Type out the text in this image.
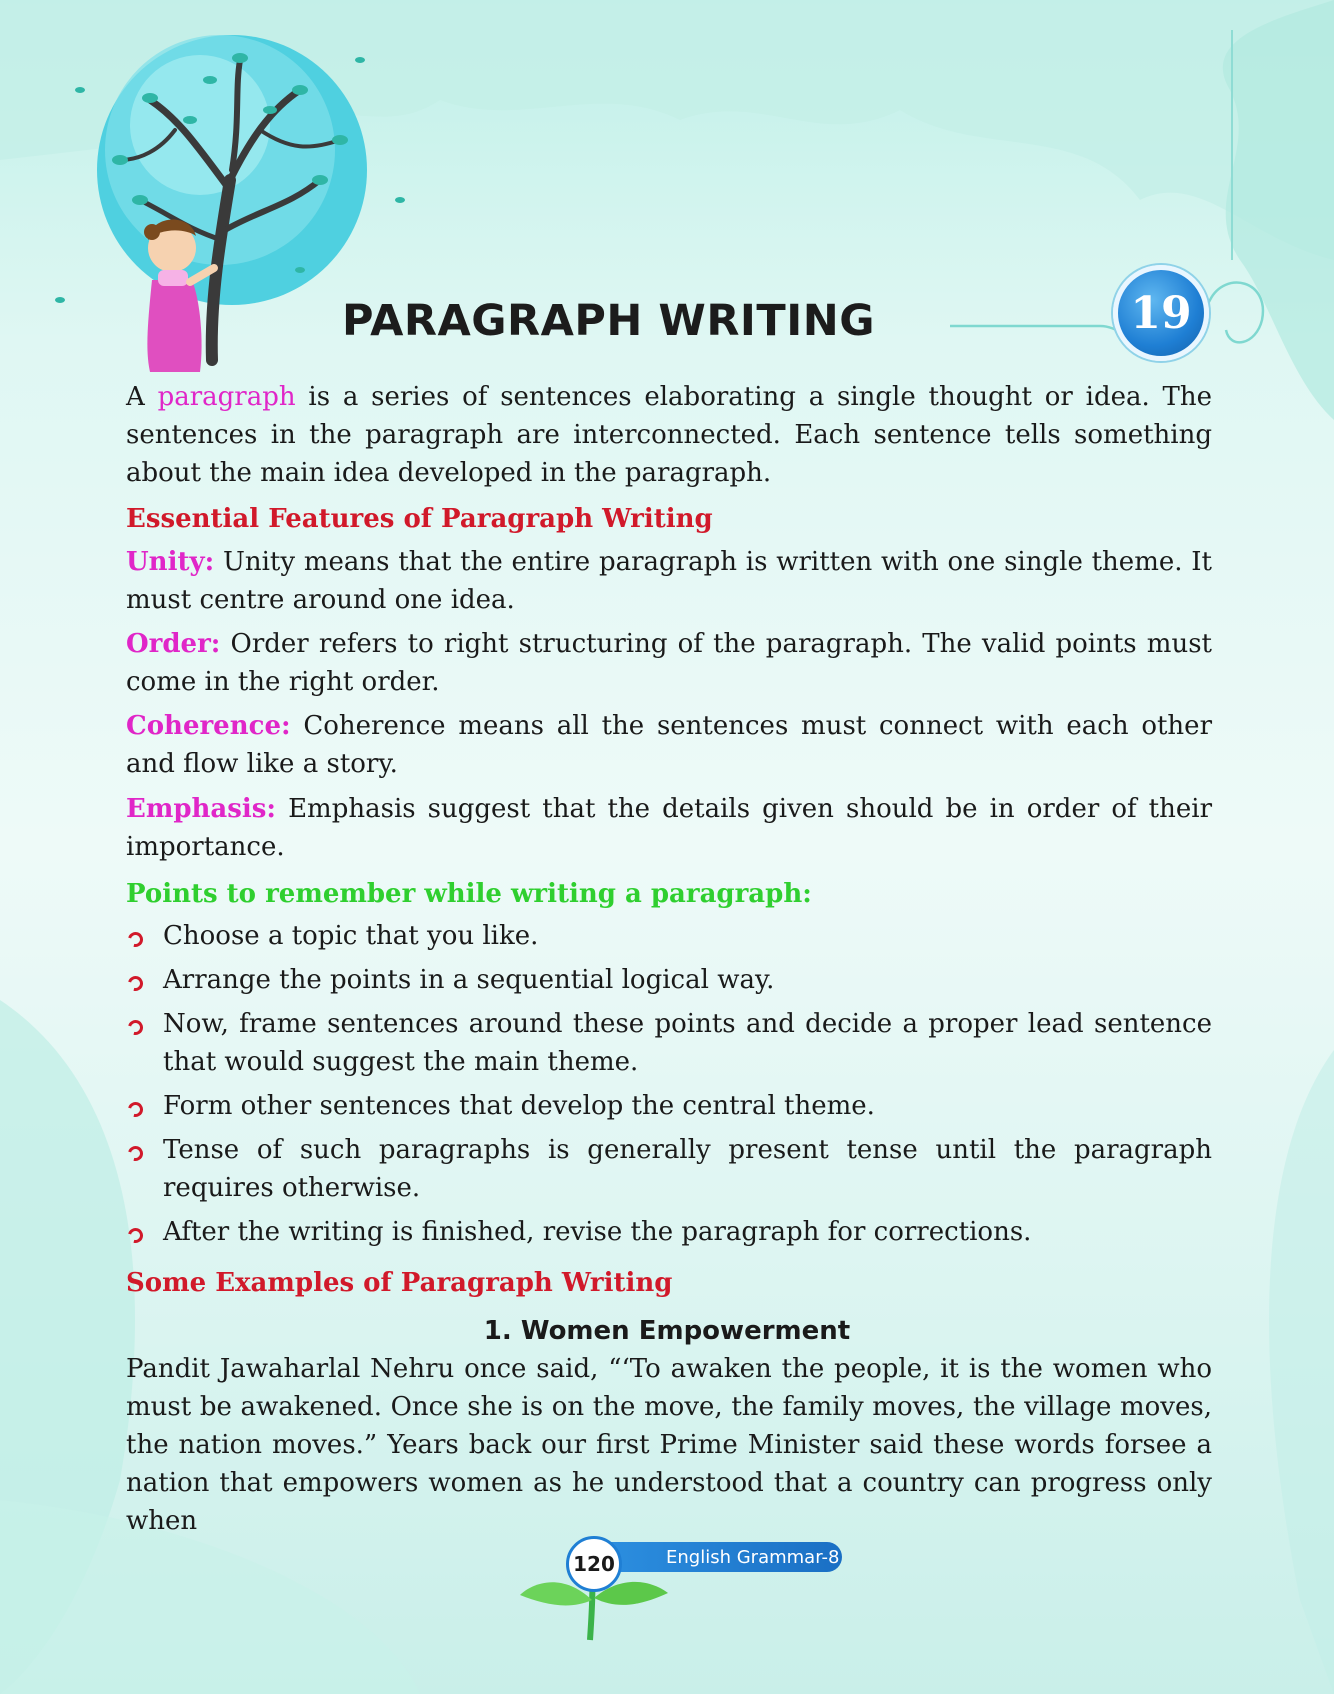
PARAGRAPH WRITING	19

A paragraph is a series of sentences elaborating a single thought or idea. The sentences in the paragraph are interconnected. Each sentence tells something about the main idea developed in the paragraph.

Essential Features of Paragraph Writing

Unity: Unity means that the entire paragraph is written with one single theme. It must centre around one idea.

Order: Order refers to right structuring of the paragraph. The valid points must come in the right order.

Coherence: Coherence means all the sentences must connect with each other and flow like a story.

Emphasis: Emphasis suggest that the details given should be in order of their importance.

Points to remember while writing a paragraph:

Choose a topic that you like.
Arrange the points in a sequential logical way.
Now, frame sentences around these points and decide a proper lead sentence that would suggest the main theme.
Form other sentences that develop the central theme.
Tense of such paragraphs is generally present tense until the paragraph requires otherwise.
After the writing is finished, revise the paragraph for corrections.

Some Examples of Paragraph Writing

1. Women Empowerment

Pandit Jawaharlal Nehru once said, “‘To awaken the people, it is the women who must be awakened. Once she is on the move, the family moves, the village moves, the nation moves.” Years back our first Prime Minister said these words forsee a nation that empowers women as he understood that a country can progress only when

English Grammar-8
120
